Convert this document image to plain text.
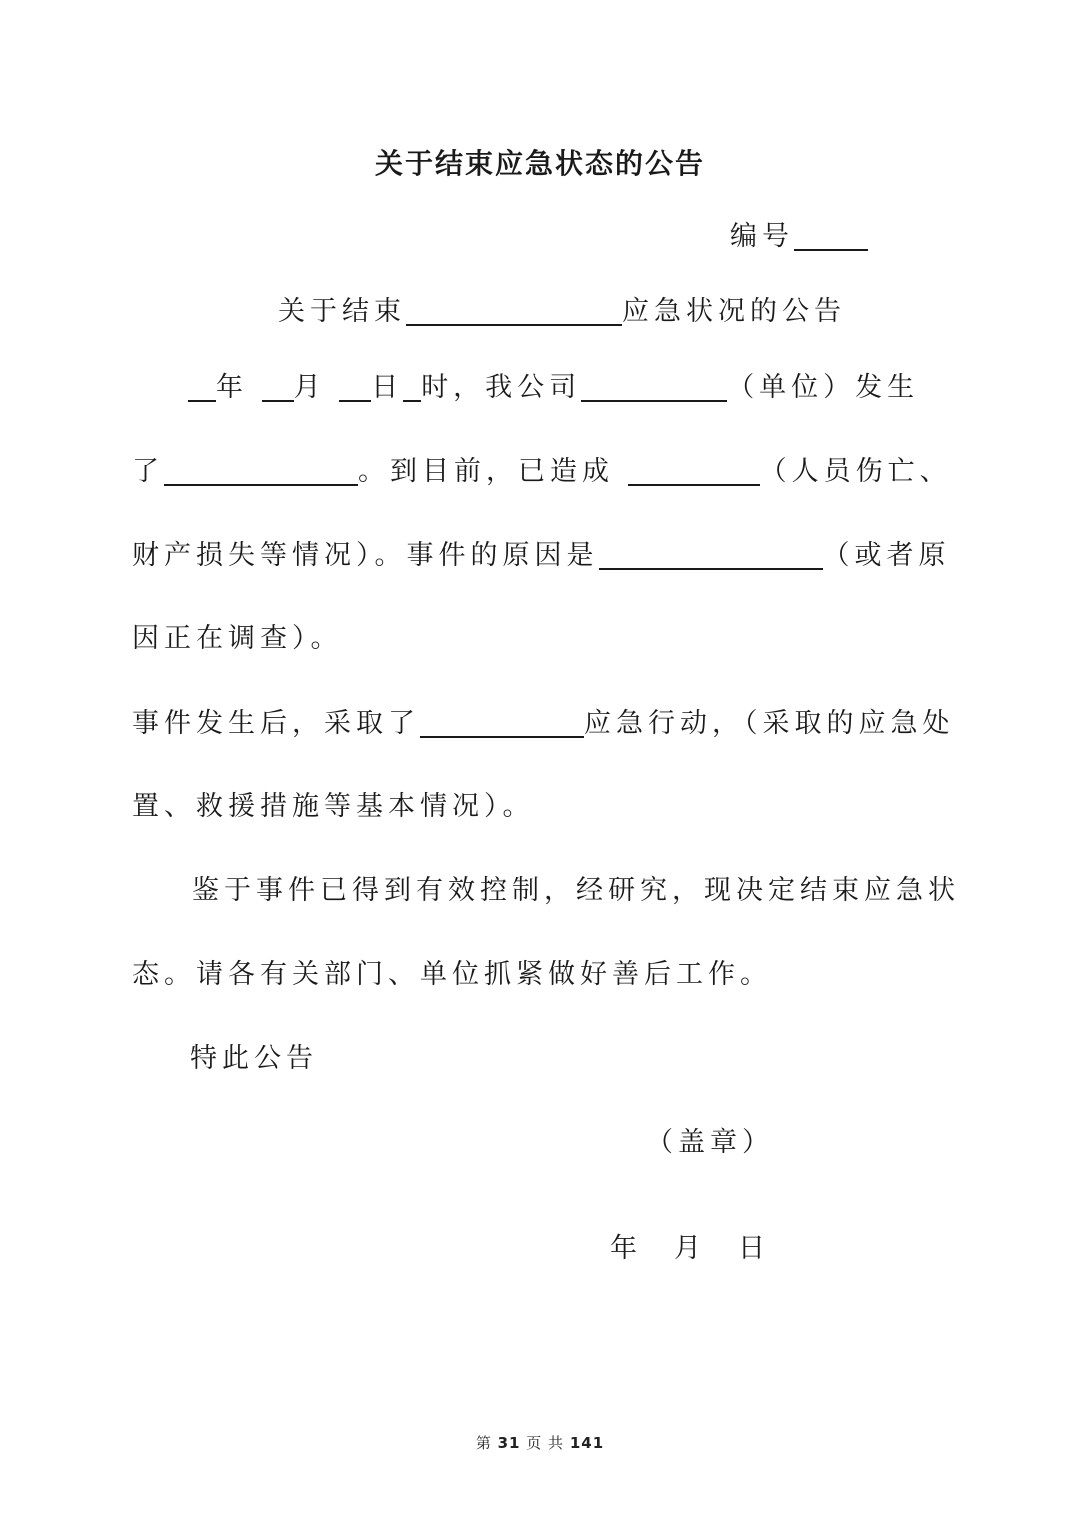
关于结束应急状态的公告
编号
关于结束	应急状况的公告
年 月 日 时，我公司	（单位）发生
了	。到目前，已造成	（人员伤亡、
财产损失等情况）。事件的原因是	（或者原
因正在调查）。
事件发生后，采取了	应急行动，（采取的应急处
置、救援措施等基本情况）。
鉴于事件已得到有效控制，经研究，现决定结束应急状
态。请各有关部门、单位抓紧做好善后工作。
特此公告
（盖章）
年 月 日
第 31 页 共 141
